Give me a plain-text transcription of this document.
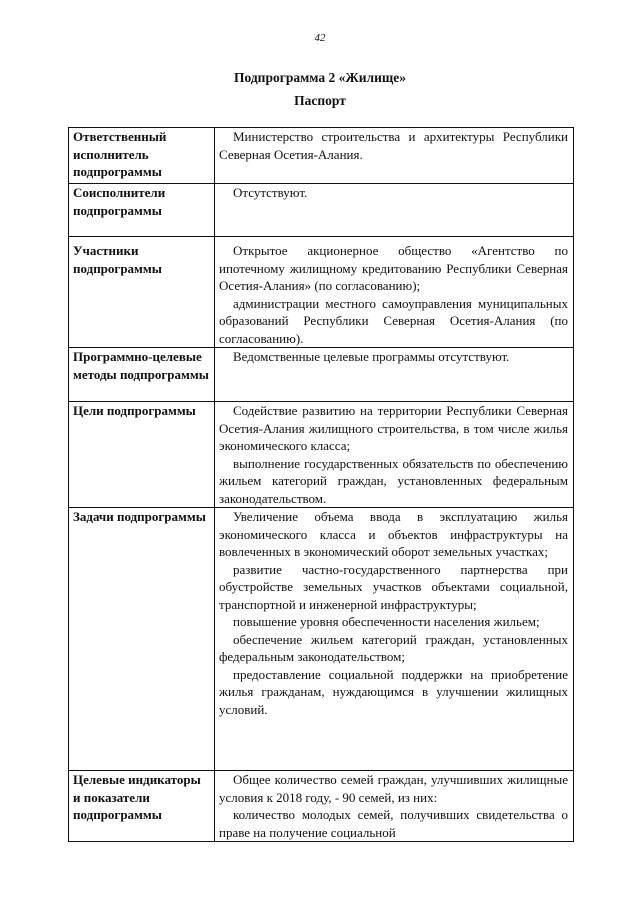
42
Подпрограмма 2 «Жилище»
Паспорт
Ответственный исполнитель подпрограммы	Министерство строительства и архитектуры Республики Северная Осетия-Алания.

Соисполнители подпрограммы	Отсутствуют.

Участники подпрограммы	Открытое акционерное общество «Агентство по ипотечному жилищному кредитованию Республики Северная Осетия-Алания» (по согласованию);

администрации местного самоуправления муниципальных образований Республики Северная Осетия-Алания (по согласованию).

Программно-целевые методы подпрограммы	Ведомственные целевые программы отсутствуют.

Цели подпрограммы	Содействие развитию на территории Республики Северная Осетия-Алания жилищного строительства, в том числе жилья экономического класса;

выполнение государственных обязательств по обеспечению жильем категорий граждан, установленных федеральным законодательством.

Задачи подпрограммы	Увеличение объема ввода в эксплуатацию жилья экономического класса и объектов инфраструктуры на вовлеченных в экономический оборот земельных участках;

развитие частно-государственного партнерства при обустройстве земельных участков объектами социальной, транспортной и инженерной инфраструктуры;

повышение уровня обеспеченности населения жильем;

обеспечение жильем категорий граждан, установленных федеральным законодательством;

предоставление социальной поддержки на приобретение жилья гражданам, нуждающимся в улучшении жилищных условий.

Целевые индикаторы и показатели подпрограммы	Общее количество семей граждан, улучшивших жилищные условия к 2018 году, - 90 семей, из них:

количество молодых семей, получивших свидетельства о праве на получение социальной
